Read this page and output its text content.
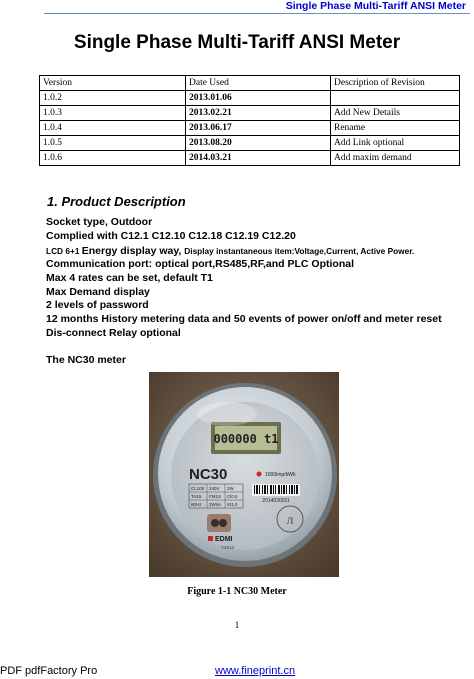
Single Phase Multi-Tariff ANSI Meter
Single Phase Multi-Tariff ANSI Meter
Version	Date Used	Description of Revision
1.0.2	2013.01.06	
1.0.3	2013.02.21	Add New Details
1.0.4	2013.06.17	Rename
1.0.5	2013.08.20	Add Link optional
1.0.6	2014.03.21	Add maxim demand
1. Product Description
Socket type, Outdoor
Complied with C12.1 C12.10 C12.18 C12.19 C12.20
LCD 6+1 Energy display way, Display instantaneous item:Voltage,Current, Active Power.
Communication port: optical port,RS485,RF,and PLC Optional
Max 4 rates can be set, default T1
Max Demand display
2 levels of password
12 months History metering data and 50 events of power on/off and meter reset
Dis-connect Relay optional
The NC30 meter
000000 t1
NC30	1000imp/kWh
CL100 240V 2W
TA15 FM1S Cl0.5
60Hz 3Wire Kt1.0
2014030011
л
EDMI
Y2014
Figure 1-1 NC30 Meter
1
PDF pdfFactory Pro	www.fineprint.cn
